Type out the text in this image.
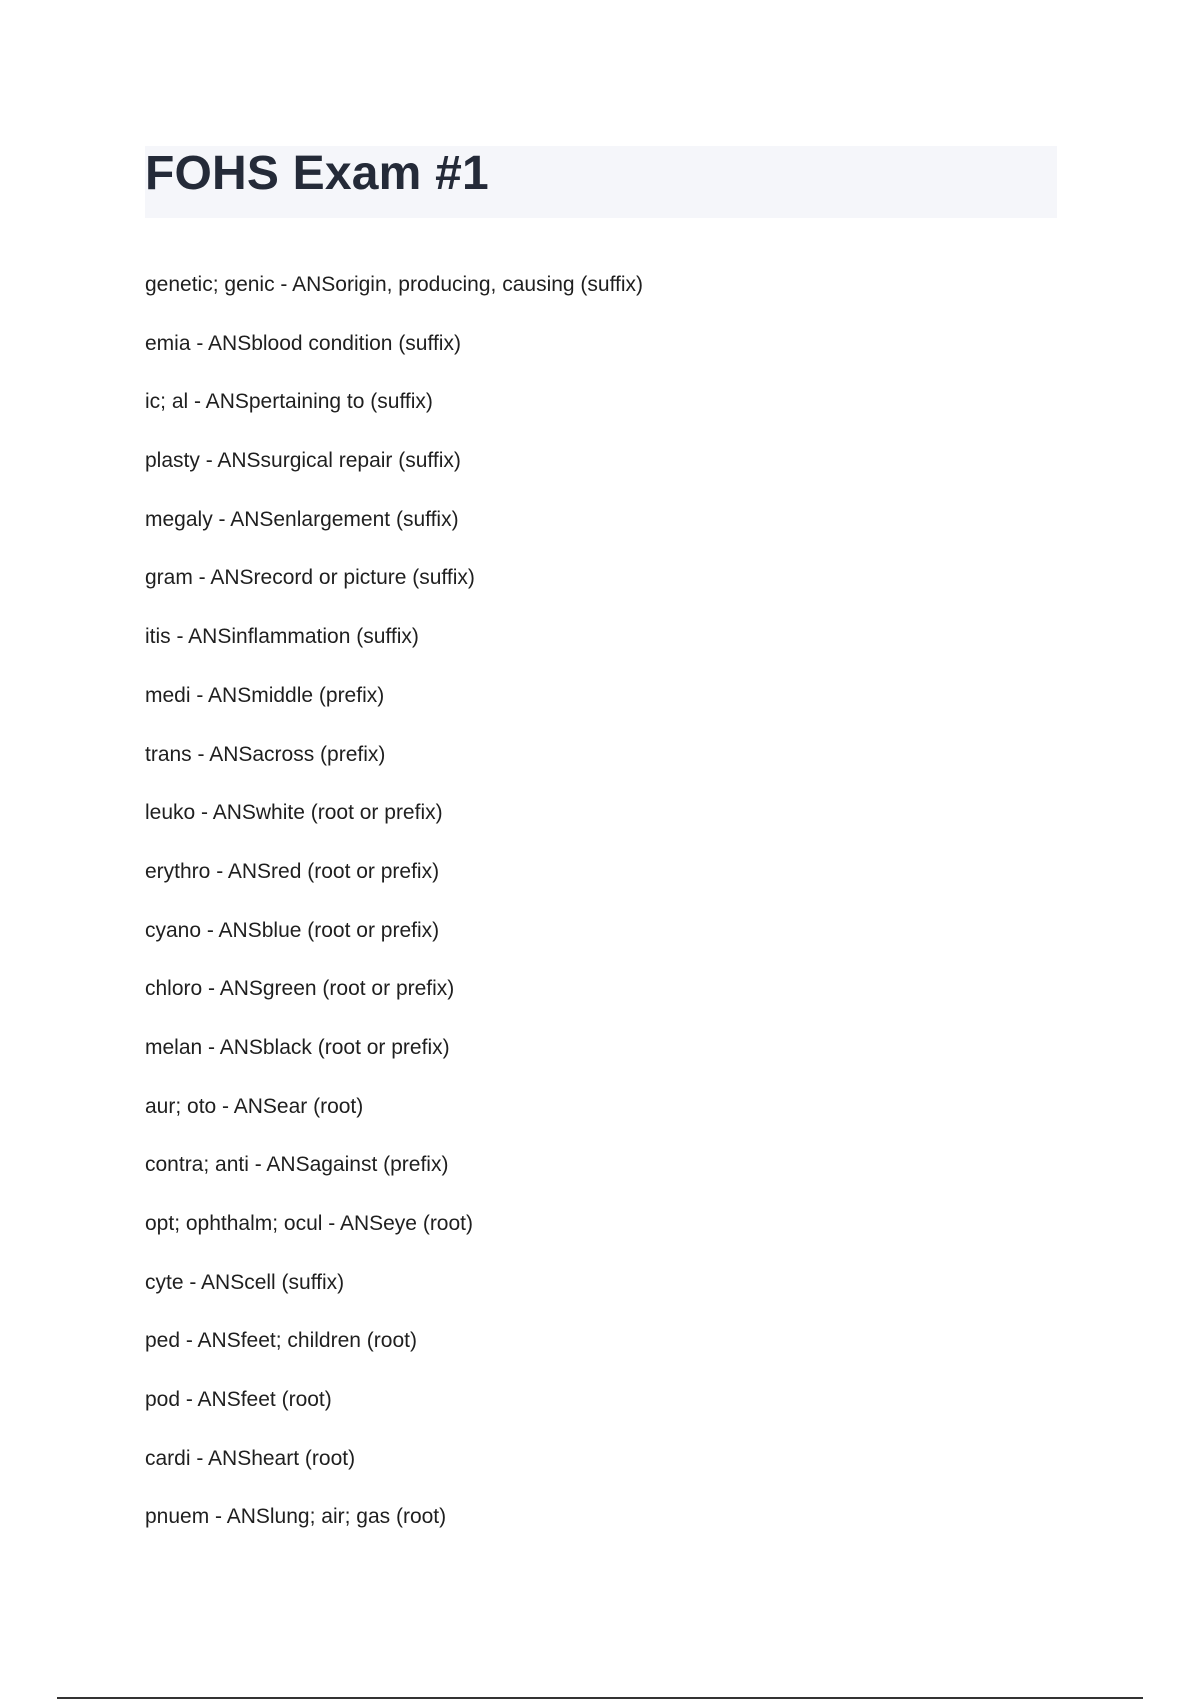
FOHS Exam #1
genetic; genic - ANSorigin, producing, causing (suffix)
emia - ANSblood condition (suffix)
ic; al - ANSpertaining to (suffix)
plasty - ANSsurgical repair (suffix)
megaly - ANSenlargement (suffix)
gram - ANSrecord or picture (suffix)
itis - ANSinflammation (suffix)
medi - ANSmiddle (prefix)
trans - ANSacross (prefix)
leuko - ANSwhite (root or prefix)
erythro - ANSred (root or prefix)
cyano - ANSblue (root or prefix)
chloro - ANSgreen (root or prefix)
melan - ANSblack (root or prefix)
aur; oto - ANSear (root)
contra; anti - ANSagainst (prefix)
opt; ophthalm; ocul - ANSeye (root)
cyte - ANScell (suffix)
ped - ANSfeet; children (root)
pod - ANSfeet (root)
cardi - ANSheart (root)
pnuem - ANSlung; air; gas (root)
